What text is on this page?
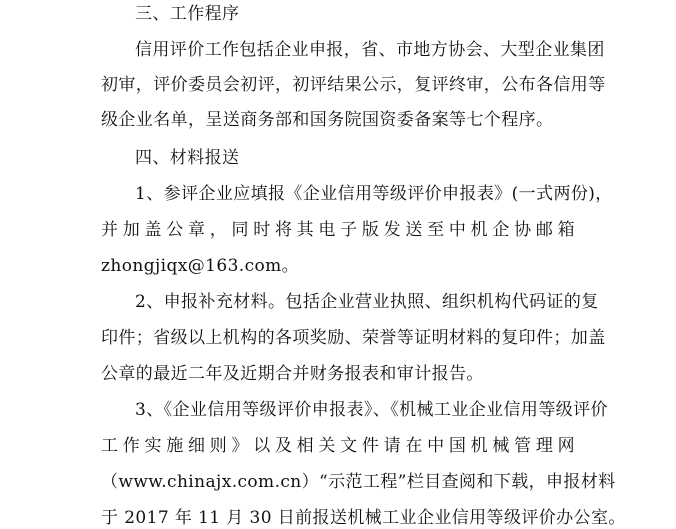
三、工作程序
信用评价工作包括企业申报，省、市地方协会、大型企业集团
初审，评价委员会初评，初评结果公示，复评终审，公布各信用等
级企业名单，呈送商务部和国务院国资委备案等七个程序。
四、材料报送
1、参评企业应填报《企业信用等级评价申报表》(一式两份)，
并加盖公章，同时将其电子版发送至中机企协邮箱
zhongjiqx@163.com。
2、申报补充材料。包括企业营业执照、组织机构代码证的复
印件；省级以上机构的各项奖励、荣誉等证明材料的复印件；加盖
公章的最近二年及近期合并财务报表和审计报告。
3、《企业信用等级评价申报表》、《机械工业企业信用等级评价
工作实施细则》以及相关文件请在中国机械管理网
（www.chinajx.com.cn）“示范工程”栏目查阅和下载，申报材料
于 2017 年 11 月 30 日前报送机械工业企业信用等级评价办公室。
